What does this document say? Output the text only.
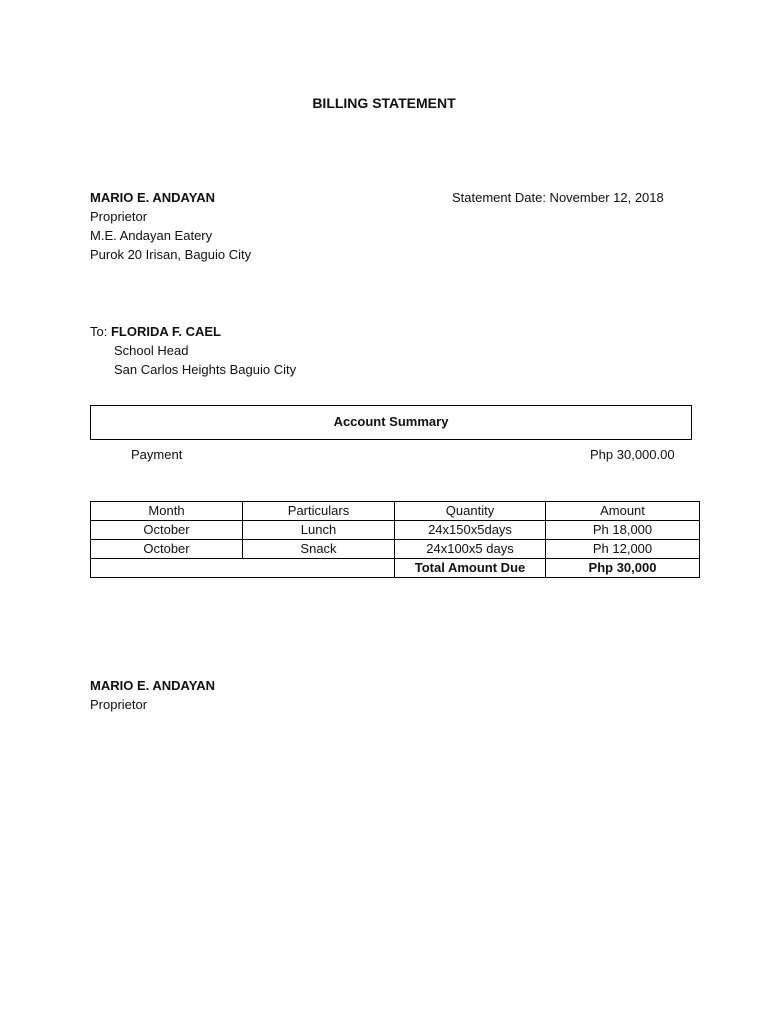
BILLING STATEMENT
MARIO E. ANDAYAN
Proprietor
M.E. Andayan Eatery
Purok 20 Irisan, Baguio City
Statement Date: November 12, 2018
To: FLORIDA F. CAEL
School Head
San Carlos Heights Baguio City
Account Summary
Payment	Php 30,000.00
Month	Particulars	Quantity	Amount
October	Lunch	24x150x5days	Ph 18,000
October	Snack	24x100x5 days	Ph 12,000
		Total Amount Due	Php 30,000
MARIO E. ANDAYAN
Proprietor
